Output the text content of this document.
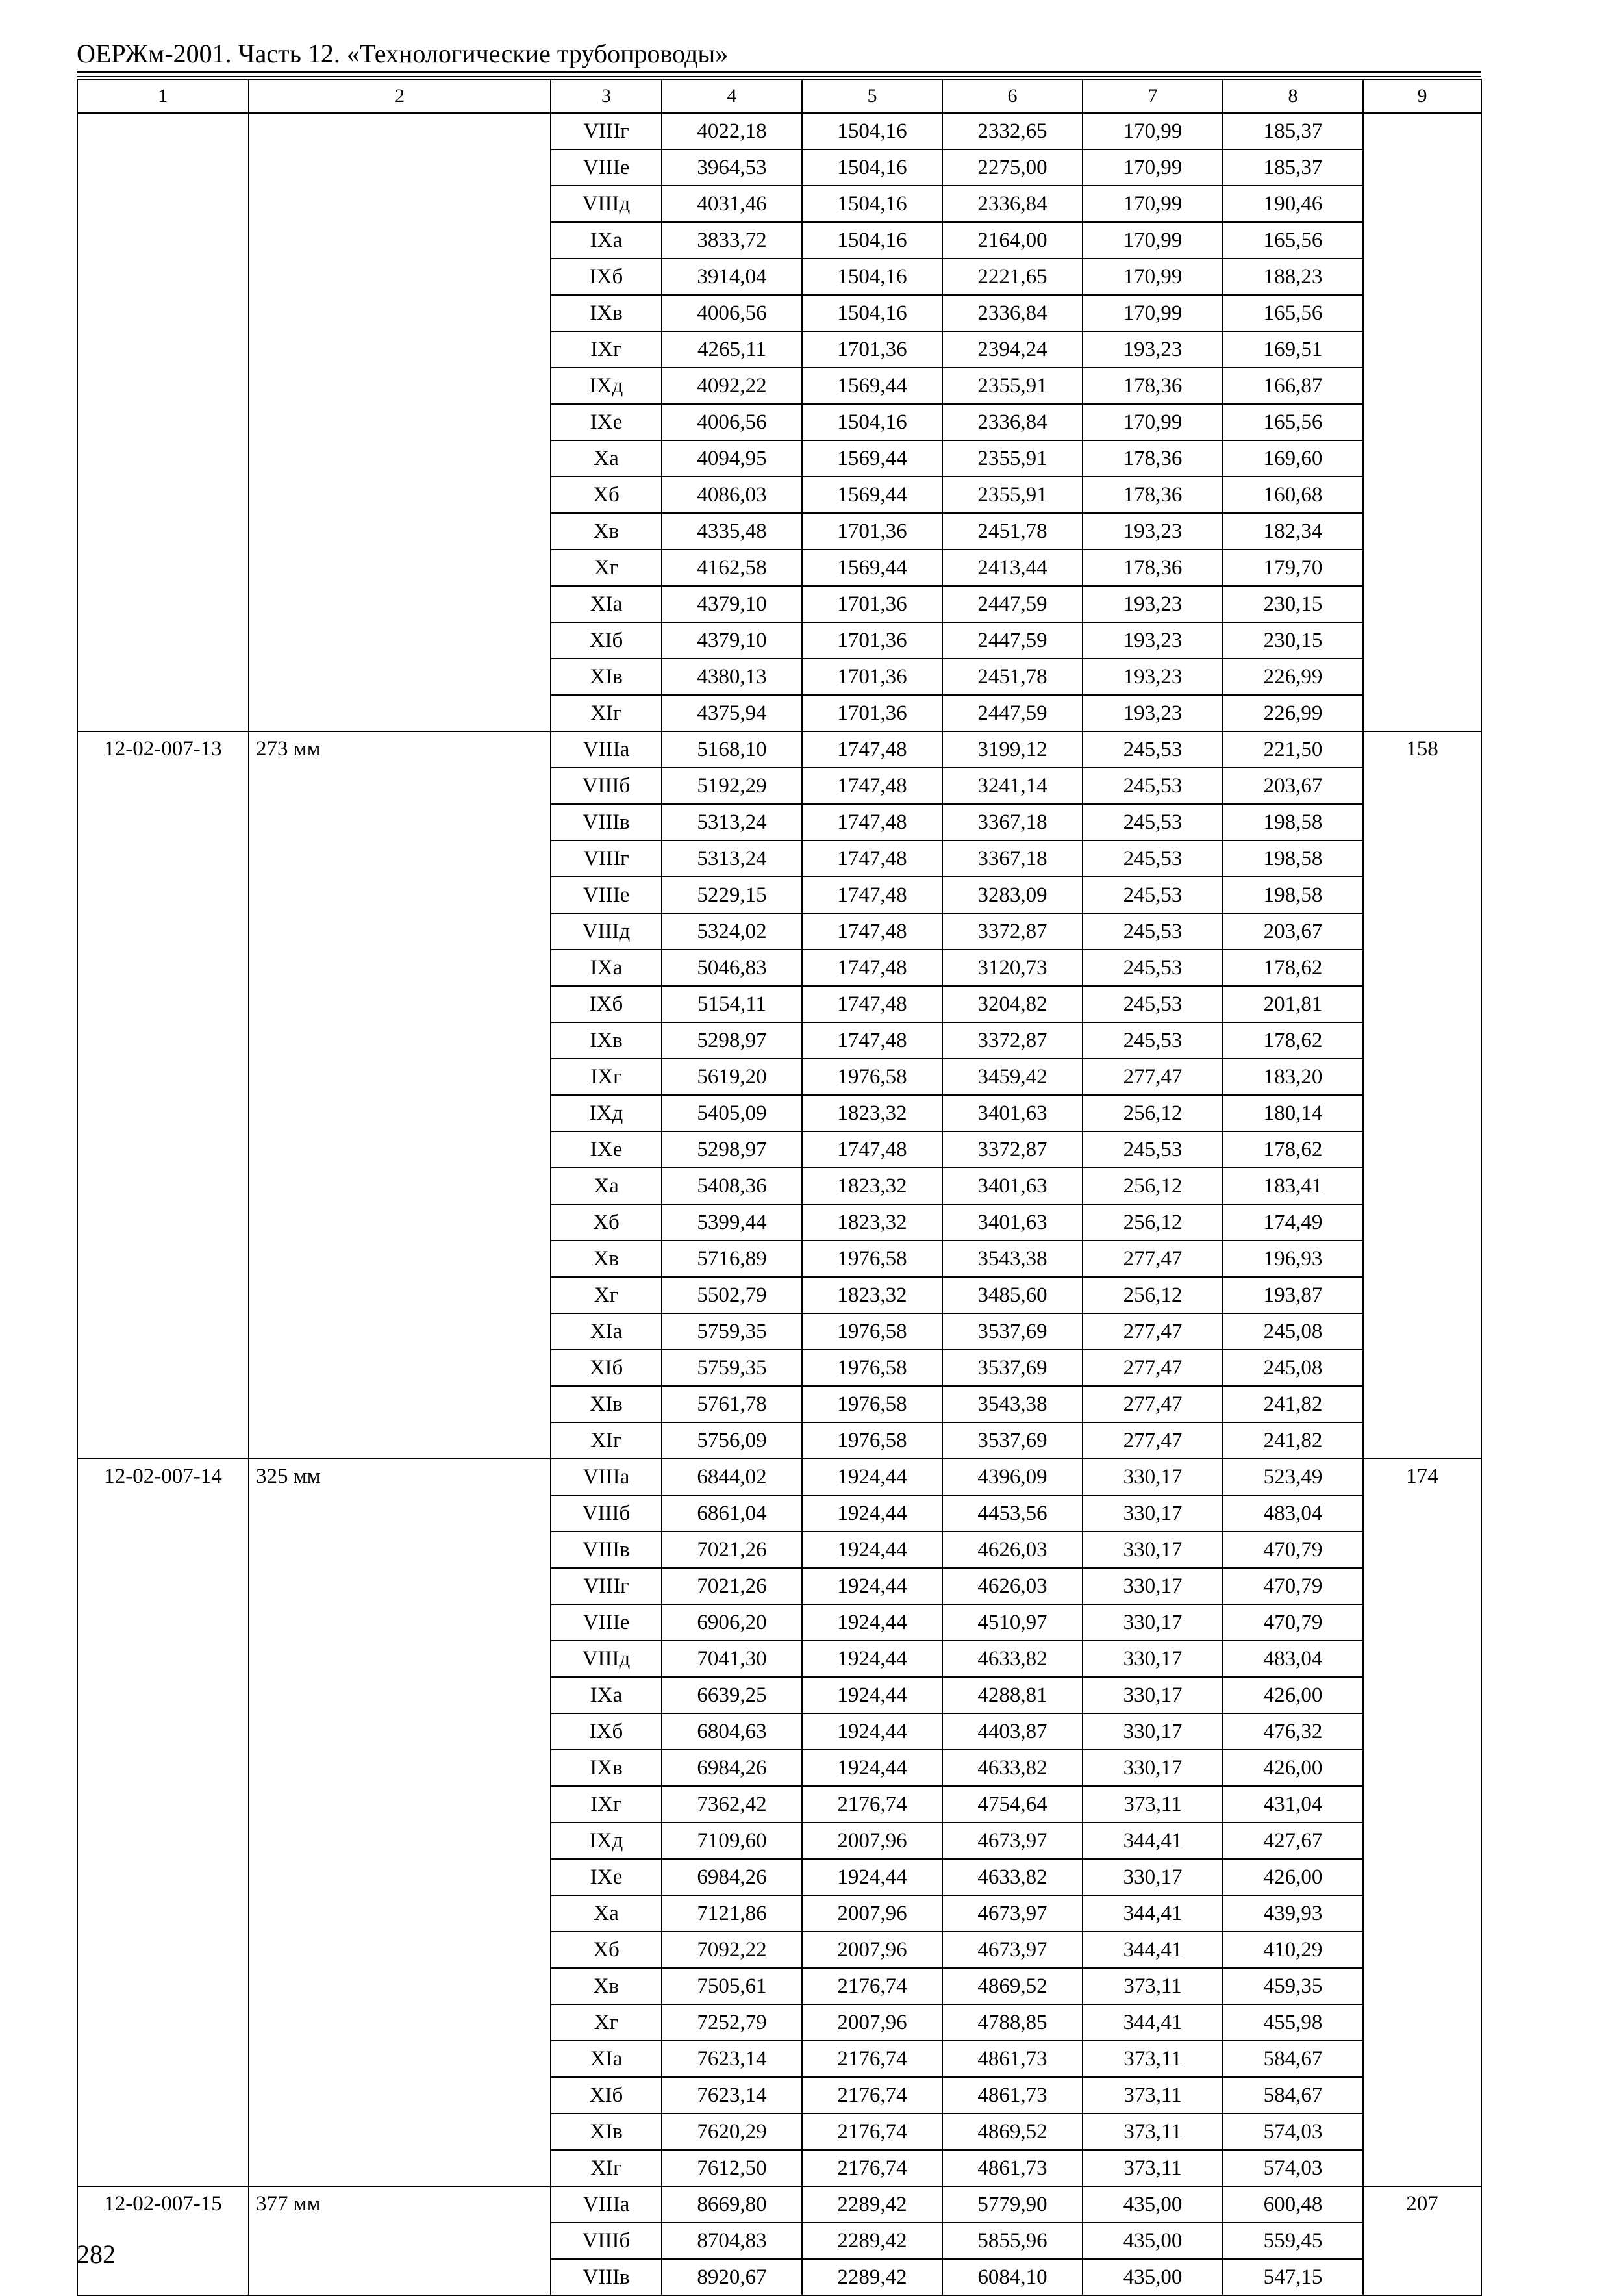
ОЕРЖм-2001. Часть 12. «Технологические трубопроводы»
1	2	3	4	5	6	7	8	9
		VIIIг	4022,18	1504,16	2332,65	170,99	185,37	
		VIIIе	3964,53	1504,16	2275,00	170,99	185,37	
		VIIIд	4031,46	1504,16	2336,84	170,99	190,46	
		IXа	3833,72	1504,16	2164,00	170,99	165,56	
		IXб	3914,04	1504,16	2221,65	170,99	188,23	
		IXв	4006,56	1504,16	2336,84	170,99	165,56	
		IXг	4265,11	1701,36	2394,24	193,23	169,51	
		IXд	4092,22	1569,44	2355,91	178,36	166,87	
		IXе	4006,56	1504,16	2336,84	170,99	165,56	
		Xа	4094,95	1569,44	2355,91	178,36	169,60	
		Xб	4086,03	1569,44	2355,91	178,36	160,68	
		Xв	4335,48	1701,36	2451,78	193,23	182,34	
		Xг	4162,58	1569,44	2413,44	178,36	179,70	
		XIа	4379,10	1701,36	2447,59	193,23	230,15	
		XIб	4379,10	1701,36	2447,59	193,23	230,15	
		XIв	4380,13	1701,36	2451,78	193,23	226,99	
		XIг	4375,94	1701,36	2447,59	193,23	226,99	
12-02-007-13	273 мм	VIIIа	5168,10	1747,48	3199,12	245,53	221,50	158
		VIIIб	5192,29	1747,48	3241,14	245,53	203,67	
		VIIIв	5313,24	1747,48	3367,18	245,53	198,58	
		VIIIг	5313,24	1747,48	3367,18	245,53	198,58	
		VIIIе	5229,15	1747,48	3283,09	245,53	198,58	
		VIIIд	5324,02	1747,48	3372,87	245,53	203,67	
		IXа	5046,83	1747,48	3120,73	245,53	178,62	
		IXб	5154,11	1747,48	3204,82	245,53	201,81	
		IXв	5298,97	1747,48	3372,87	245,53	178,62	
		IXг	5619,20	1976,58	3459,42	277,47	183,20	
		IXд	5405,09	1823,32	3401,63	256,12	180,14	
		IXе	5298,97	1747,48	3372,87	245,53	178,62	
		Xа	5408,36	1823,32	3401,63	256,12	183,41	
		Xб	5399,44	1823,32	3401,63	256,12	174,49	
		Xв	5716,89	1976,58	3543,38	277,47	196,93	
		Xг	5502,79	1823,32	3485,60	256,12	193,87	
		XIа	5759,35	1976,58	3537,69	277,47	245,08	
		XIб	5759,35	1976,58	3537,69	277,47	245,08	
		XIв	5761,78	1976,58	3543,38	277,47	241,82	
		XIг	5756,09	1976,58	3537,69	277,47	241,82	
12-02-007-14	325 мм	VIIIа	6844,02	1924,44	4396,09	330,17	523,49	174
		VIIIб	6861,04	1924,44	4453,56	330,17	483,04	
		VIIIв	7021,26	1924,44	4626,03	330,17	470,79	
		VIIIг	7021,26	1924,44	4626,03	330,17	470,79	
		VIIIе	6906,20	1924,44	4510,97	330,17	470,79	
		VIIIд	7041,30	1924,44	4633,82	330,17	483,04	
		IXа	6639,25	1924,44	4288,81	330,17	426,00	
		IXб	6804,63	1924,44	4403,87	330,17	476,32	
		IXв	6984,26	1924,44	4633,82	330,17	426,00	
		IXг	7362,42	2176,74	4754,64	373,11	431,04	
		IXд	7109,60	2007,96	4673,97	344,41	427,67	
		IXе	6984,26	1924,44	4633,82	330,17	426,00	
		Xа	7121,86	2007,96	4673,97	344,41	439,93	
		Xб	7092,22	2007,96	4673,97	344,41	410,29	
		Xв	7505,61	2176,74	4869,52	373,11	459,35	
		Xг	7252,79	2007,96	4788,85	344,41	455,98	
		XIа	7623,14	2176,74	4861,73	373,11	584,67	
		XIб	7623,14	2176,74	4861,73	373,11	584,67	
		XIв	7620,29	2176,74	4869,52	373,11	574,03	
		XIг	7612,50	2176,74	4861,73	373,11	574,03	
12-02-007-15	377 мм	VIIIа	8669,80	2289,42	5779,90	435,00	600,48	207
		VIIIб	8704,83	2289,42	5855,96	435,00	559,45	
		VIIIв	8920,67	2289,42	6084,10	435,00	547,15	
282
